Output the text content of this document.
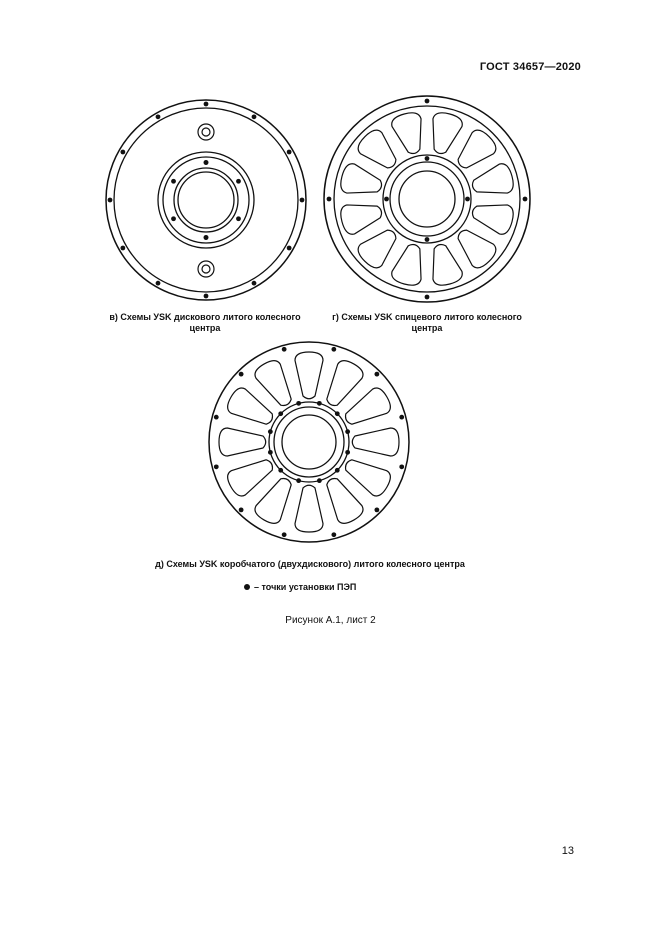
ГОСТ 34657—2020
в) Схемы УSK дискового литого колесного
центра
г) Схемы УSK спицевого литого колесного
центра
д) Схемы УSK коробчатого (двухдискового) литого колесного центра
– точки установки ПЭП
Рисунок А.1, лист 2
13
